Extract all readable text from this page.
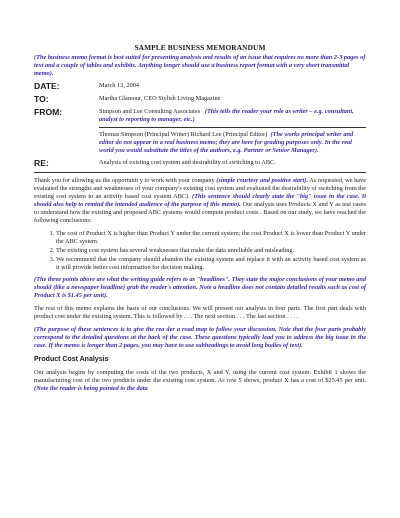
SAMPLE BUSINESS MEMORANDUM
(The business memo format is best suited for presenting analysis and results of an issue that requires no more than 2-3 pages of text and a couple of tables and exhibits. Anything longer should use a business report format with a very short transmittal memo).
DATE:	March 13, 2004
TO:	Martha Glamour, CEO Stylish Living Magazine
FROM:	Simpson and Lee Consulting Associates (This tells the reader your role as writer – e.g. consultant, analyst to reporting to manager, etc.)
Thomas Simpson (Principal Writer) Richard Lee (Principal Editor) (The works principal writer and editor do not appear in a real business memo; they are here for grading purposes only. In the real world you would substitute the titles of the authors, e.g. Partner or Senior Manager).
RE:	Analysis of existing cost system and desirability of switching to ABC.

Thank you for allowing us the opportunit y to work with your company (simple courtesy and positive start). As requested, we have evaluated the strengths and weaknesses of your company's existing cost system and evaluated the desirability of switching from the existing cost system to an activity based cost system ABC). (This sentence should clearly state the "big" issue in the case. It should also help to remind the intended audience of the purpose of this memo). Our analysis uses Products X and Y as test cases to understand how the existing and proposed ABC systems would compute product costs . Based on our study, we have reached the following conclusions:

1. The cost of Product X is higher than Product Y under the current system; the cost Product X is lower than Product Y under the ABC system.
2. The existing cost system has several weaknesses that make the data unreliable and misleading.
3. We recommend that the company should abandon the existing system and replace it with an activity based cost system as it will provide better cost information for decision making.

(The three points above are what the writing guide refers to as "headlines". They state the major conclusions of your memo and should (like a newspaper headline) grab the reader's attention. Note a headline does not contain detailed results such as cost of Product X is $1.45 per unit).

The rest of this memo explains the basis of our conclusions. We will present our analysis in four parts. The first part deals with product cost under the existing system. This is followed by . . . The next section . . . The last section . . . .

(The purpose of these sentences is to give the rea der a road map to follow your discussion. Note that the four parts probably correspond to the detailed questions at the back of the case. These questions typically lead you to address the big issue in the case. If the memo is longer than 2 pages, you may have to use subheadings to avoid long bodies of text).

Product Cost Analysis

Our analysis begins by computing the costs of the two products, X and Y, using the current cost system. Exhibit 1 shows the manufacturing cost of the two products under the existing cost system. As row 5 shows, product X has a cost of $25.45 per unit. (Note the reader is being pointed to the data
